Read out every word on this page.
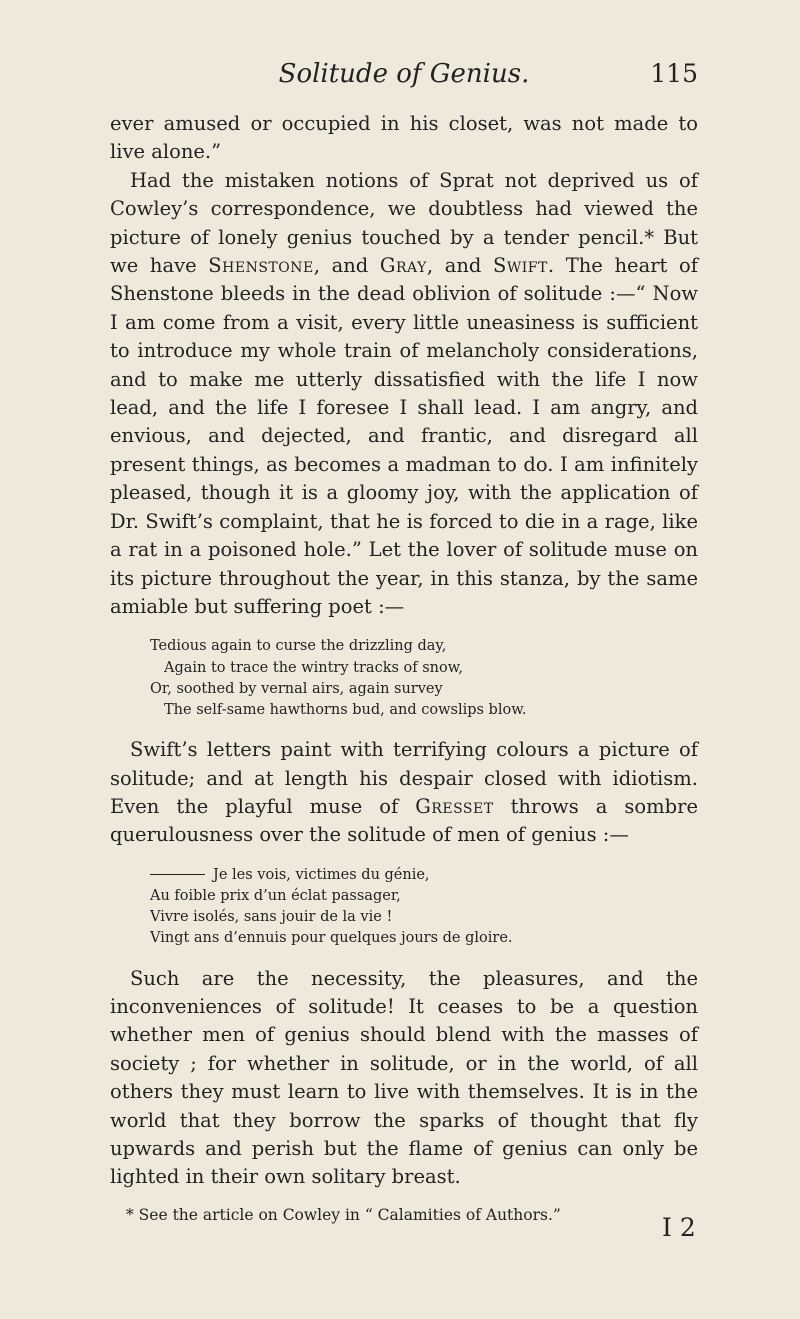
Solitude of Genius.	115

ever amused or occupied in his closet, was not made to live alone.”

Had the mistaken notions of Sprat not deprived us of Cowley’s correspondence, we doubtless had viewed the picture of lonely genius touched by a tender pencil.* But we have Shenstone, and Gray, and Swift. The heart of Shenstone bleeds in the dead oblivion of solitude :—“ Now I am come from a visit, every little uneasiness is sufficient to introduce my whole train of melancholy considerations, and to make me utterly dissatisfied with the life I now lead, and the life I foresee I shall lead. I am angry, and envious, and dejected, and frantic, and disregard all present things, as becomes a madman to do. I am infinitely pleased, though it is a gloomy joy, with the application of Dr. Swift’s complaint, that he is forced to die in a rage, like a rat in a poisoned hole.” Let the lover of solitude muse on its picture throughout the year, in this stanza, by the same amiable but suffering poet :—

Tedious again to curse the drizzling day,
Again to trace the wintry tracks of snow,
Or, soothed by vernal airs, again survey
The self-same hawthorns bud, and cowslips blow.

Swift’s letters paint with terrifying colours a picture of solitude; and at length his despair closed with idiotism. Even the playful muse of Gresset throws a sombre querulousness over the solitude of men of genius :—

Je les vois, victimes du génie,
Au foible prix d’un éclat passager,
Vivre isolés, sans jouir de la vie !
Vingt ans d’ennuis pour quelques jours de gloire.

Such are the necessity, the pleasures, and the inconveniences of solitude! It ceases to be a question whether men of genius should blend with the masses of society ; for whether in solitude, or in the world, of all others they must learn to live with themselves. It is in the world that they borrow the sparks of thought that fly upwards and perish but the flame of genius can only be lighted in their own solitary breast.

* See the article on Cowley in “ Calamities of Authors.”	I 2
